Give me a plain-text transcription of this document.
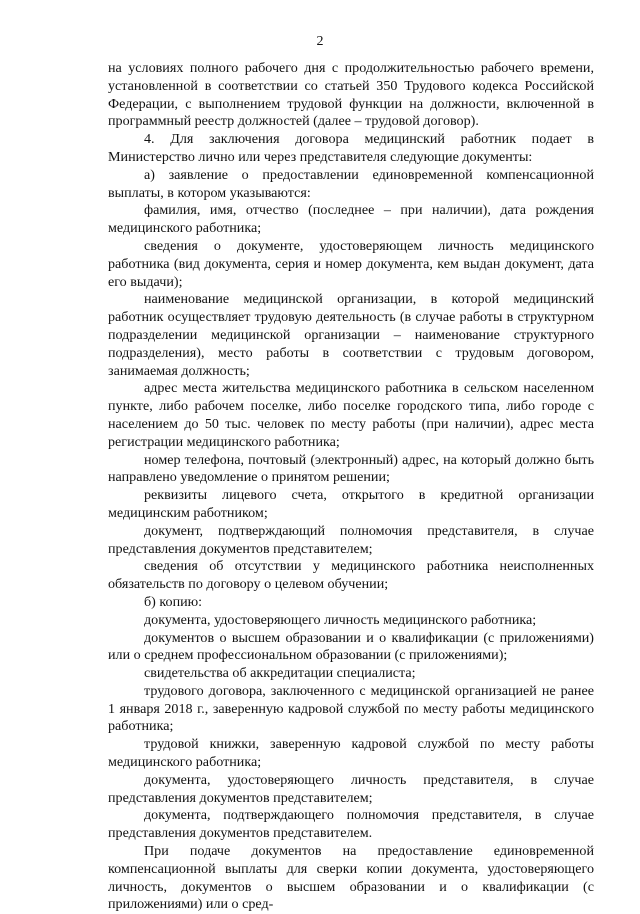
2

на условиях полного рабочего дня с продолжительностью рабочего времени, установленной в соответствии со статьей 350 Трудового кодекса Российской Федерации, с выполнением трудовой функции на должности, включенной в программный реестр должностей (далее – трудовой договор).

4. Для заключения договора медицинский работник подает в Министерство лично или через представителя следующие документы:

а) заявление о предоставлении единовременной компенсационной выплаты, в котором указываются:

фамилия, имя, отчество (последнее – при наличии), дата рождения медицинского работника;

сведения о документе, удостоверяющем личность медицинского работника (вид документа, серия и номер документа, кем выдан документ, дата его выдачи);

наименование медицинской организации, в которой медицинский работник осуществляет трудовую деятельность (в случае работы в структурном подразделении медицинской организации – наименование структурного подразделения), место работы в соответствии с трудовым договором, занимаемая должность;

адрес места жительства медицинского работника в сельском населенном пункте, либо рабочем поселке, либо поселке городского типа, либо городе с населением до 50 тыс. человек по месту работы (при наличии), адрес места регистрации медицинского работника;

номер телефона, почтовый (электронный) адрес, на который должно быть направлено уведомление о принятом решении;

реквизиты лицевого счета, открытого в кредитной организации медицинским работником;

документ, подтверждающий полномочия представителя, в случае представления документов представителем;

сведения об отсутствии у медицинского работника неисполненных обязательств по договору о целевом обучении;

б) копию:

документа, удостоверяющего личность медицинского работника;

документов о высшем образовании и о квалификации (с приложениями) или о среднем профессиональном образовании (с приложениями);

свидетельства об аккредитации специалиста;

трудового договора, заключенного с медицинской организацией не ранее 1 января 2018 г., заверенную кадровой службой по месту работы медицинского работника;

трудовой книжки, заверенную кадровой службой по месту работы медицинского работника;

документа, удостоверяющего личность представителя, в случае представления документов представителем;

документа, подтверждающего полномочия представителя, в случае представления документов представителем.

При подаче документов на предоставление единовременной компенсационной выплаты для сверки копии документа, удостоверяющего личность, документов о высшем образовании и о квалификации (с приложениями) или о сред-
